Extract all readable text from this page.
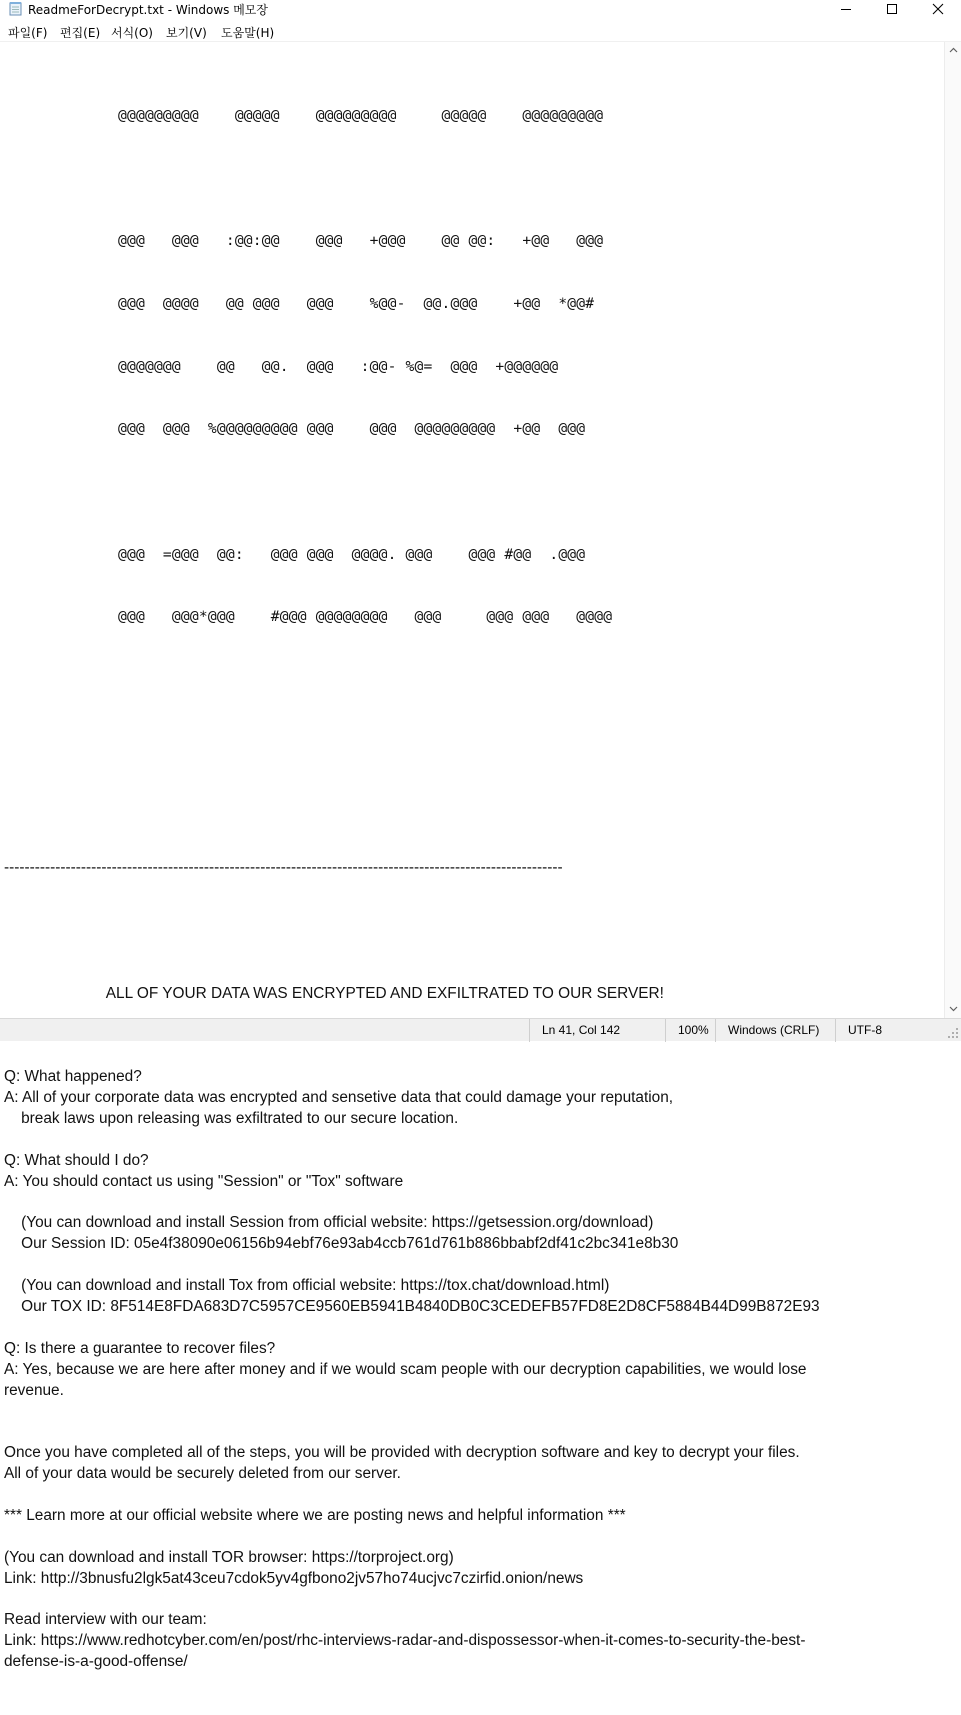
ReadmeForDecrypt.txt - Windows 메모장
파일(F) 편집(E) 서식(O) 보기(V) 도움말(H)

@@@@@@@@@    @@@@@    @@@@@@@@@     @@@@@    @@@@@@@@@

@@@   @@@   :@@:@@    @@@   +@@@    @@ @@:   +@@   @@@

@@@  @@@@   @@ @@@   @@@    %@@-  @@.@@@    +@@  *@@#

@@@@@@@    @@   @@.  @@@   :@@- %@=  @@@  +@@@@@@

@@@  @@@  %@@@@@@@@@ @@@    @@@  @@@@@@@@@  +@@  @@@

@@@  =@@@  @@:   @@@ @@@  @@@@. @@@    @@@ #@@  .@@@

@@@   @@@*@@@    #@@@ @@@@@@@@   @@@     @@@ @@@   @@@@

-------------------------------------------------------------------------------------------------------------

ALL OF YOUR DATA WAS ENCRYPTED AND EXFILTRATED TO OUR SERVER!

Q: What happened?
A: All of your corporate data was encrypted and sensetive data that could damage your reputation,
break laws upon releasing was exfiltrated to our secure location.
Q: What should I do?
A: You should contact us using "Session" or "Tox" software
(You can download and install Session from official website: https://getsession.org/download)
Our Session ID: 05e4f38090e06156b94ebf76e93ab4ccb761d761b886bbabf2df41c2bc341e8b30
(You can download and install Tox from official website: https://tox.chat/download.html)
Our TOX ID: 8F514E8FDA683D7C5957CE9560EB5941B4840DB0C3CEDEFB57FD8E2D8CF5884B44D99B872E93
Q: Is there a guarantee to recover files?
A: Yes, because we are here after money and if we would scam people with our decryption capabilities, we would lose
revenue.
Once you have completed all of the steps, you will be provided with decryption software and key to decrypt your files.
All of your data would be securely deleted from our server.
*** Learn more at our official website where we are posting news and helpful information ***
(You can download and install TOR browser: https://torproject.org)
Link: http://3bnusfu2lgk5at43ceu7cdok5yv4gfbono2jv57ho74ucjvc7czirfid.onion/news
Read interview with our team:
Link: https://www.redhotcyber.com/en/post/rhc-interviews-radar-and-dispossessor-when-it-comes-to-security-the-best-
defense-is-a-good-offense/

Ln 41, Col 142	100%	Windows (CRLF)	UTF-8
